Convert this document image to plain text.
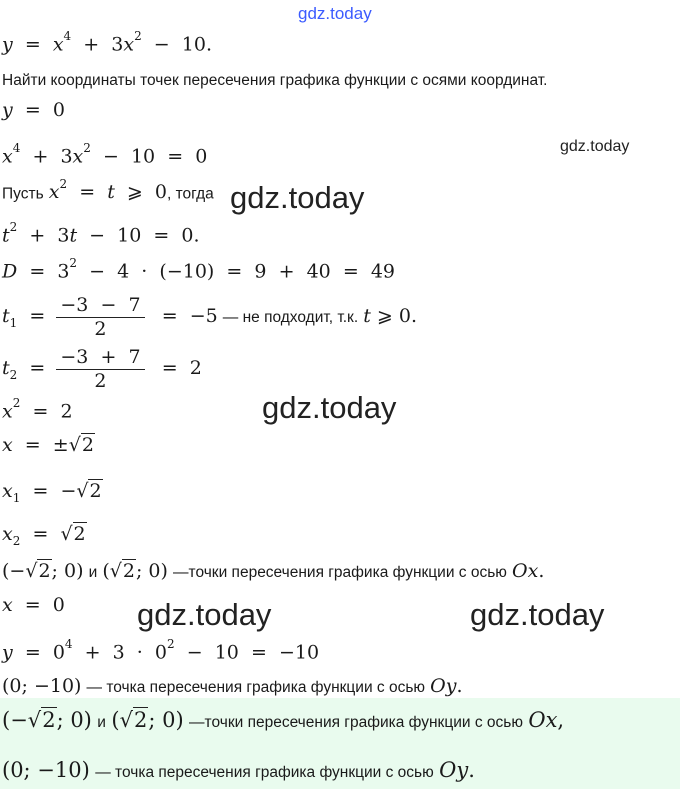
gdz.today
gdz.today
gdz.today
gdz.today
gdz.today	gdz.today
$y = x^4 + 3x^2 - 10$.
Найти координаты точек пересечения графика функции с осями координат.
y  =  0
$x^4 + 3x^2 - 10 = 0$
Пусть $x^2 = t$  ⩾  0, тогда
$t^2 + 3t - 10 = 0$.
$D = 3^2 - 4 \cdot (-10) = 9 + 40 = 49$
$t_1 = \frac{-3 - 7}{2} = -5$ — не подходит, т.к. t ⩾ 0.
$t_2 = \frac{-3 + 7}{2} = 2$
$x^2 = 2$
x  =  ±√2
$x_1 = -√2$
$x_2 = √2$
(−√2; 0) и (√2; 0) —точки пересечения графика функции с осью Ox.
x  =  0
$y = 0^4 + 3 \cdot 0^2 - 10 = -10$
(0; −10) — точка пересечения графика функции с осью Oy.
(−√2; 0) и (√2; 0) —точки пересечения графика функции с осью Ox,
(0; −10) — точка пересечения графика функции с осью Oy.
